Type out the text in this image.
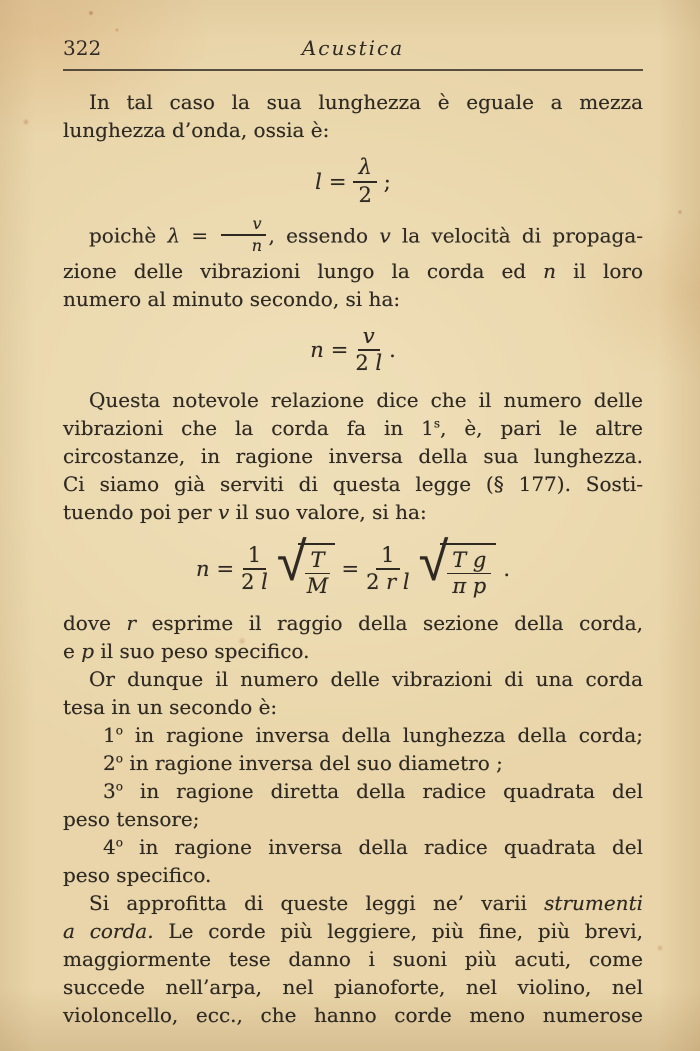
322	Acustica
In tal caso la sua lunghezza è eguale a mezza
lunghezza d’onda, ossia è:
$l = \frac{\lambda}{2}$ ;
poichè $\lambda = \frac{v}{n}$ , essendo v la velocità di propaga-
zione delle vibrazioni lungo la corda ed n il loro
numero al minuto secondo, si ha:
$n = \frac{v}{2 l}$ .
Questa notevole relazione dice che il numero delle
vibrazioni che la corda fa in 1$^s$, è, pari le altre
circostanze, in ragione inversa della sua lunghezza.
Ci siamo già serviti di questa legge (§ 177). Sosti-
tuendo poi per v il suo valore, si ha:
$n = \frac{1}{2 l}$ √ $\frac{T}{M} = \frac{1}{\text{2 r l}}$ √ $\frac{\text{T g}}{\text{π p}}$ .
dove r esprime il raggio della sezione della corda,
e p il suo peso specifico.
Or dunque il numero delle vibrazioni di una corda
tesa in un secondo è:
1$^o$ in ragione inversa della lunghezza della corda;
2$^o$ in ragione inversa del suo diametro ;
3$^o$ in ragione diretta della radice quadrata del
peso tensore;
4$^o$ in ragione inversa della radice quadrata del
peso specifico.
Si approfitta di queste leggi ne’ varii strumenti
a corda. Le corde più leggiere, più fine, più brevi,
maggiormente tese danno i suoni più acuti, come
succede nell’arpa, nel pianoforte, nel violino, nel
violoncello, ecc., che hanno corde meno numerose
